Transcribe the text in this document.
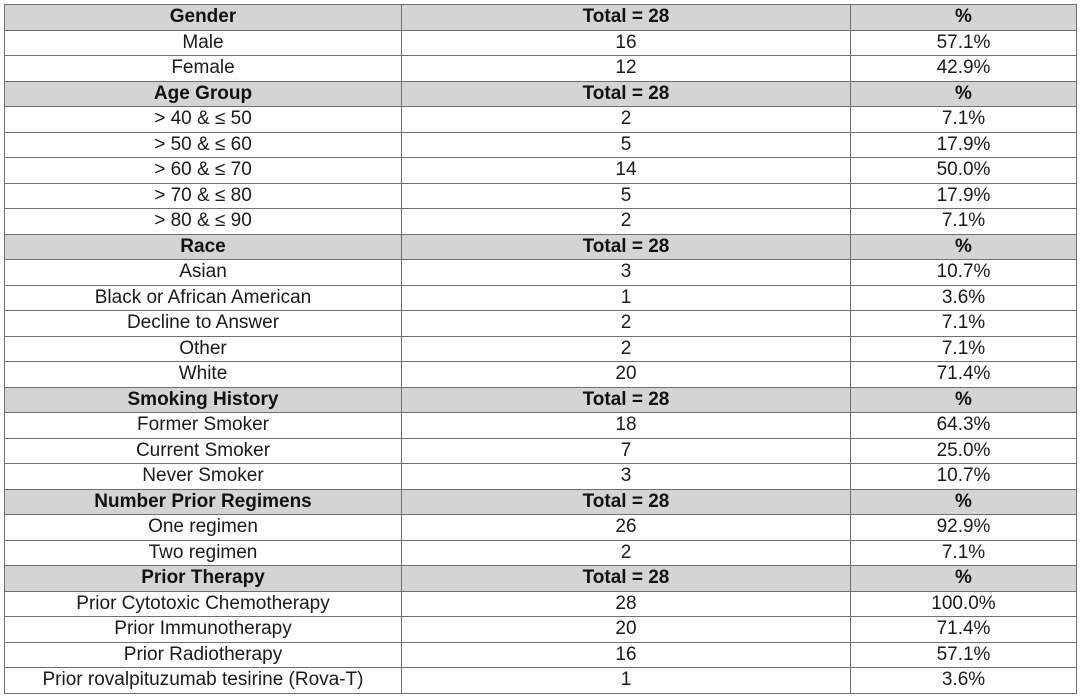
Gender	Total = 28	%
Male	16	57.1%
Female	12	42.9%
Age Group	Total = 28	%
> 40 & ≤ 50	2	7.1%
> 50 & ≤ 60	5	17.9%
> 60 & ≤ 70	14	50.0%
> 70 & ≤ 80	5	17.9%
> 80 & ≤ 90	2	7.1%
Race	Total = 28	%
Asian	3	10.7%
Black or African American	1	3.6%
Decline to Answer	2	7.1%
Other	2	7.1%
White	20	71.4%
Smoking History	Total = 28	%
Former Smoker	18	64.3%
Current Smoker	7	25.0%
Never Smoker	3	10.7%
Number Prior Regimens	Total = 28	%
One regimen	26	92.9%
Two regimen	2	7.1%
Prior Therapy	Total = 28	%
Prior Cytotoxic Chemotherapy	28	100.0%
Prior Immunotherapy	20	71.4%
Prior Radiotherapy	16	57.1%
Prior rovalpituzumab tesirine (Rova-T)	1	3.6%
